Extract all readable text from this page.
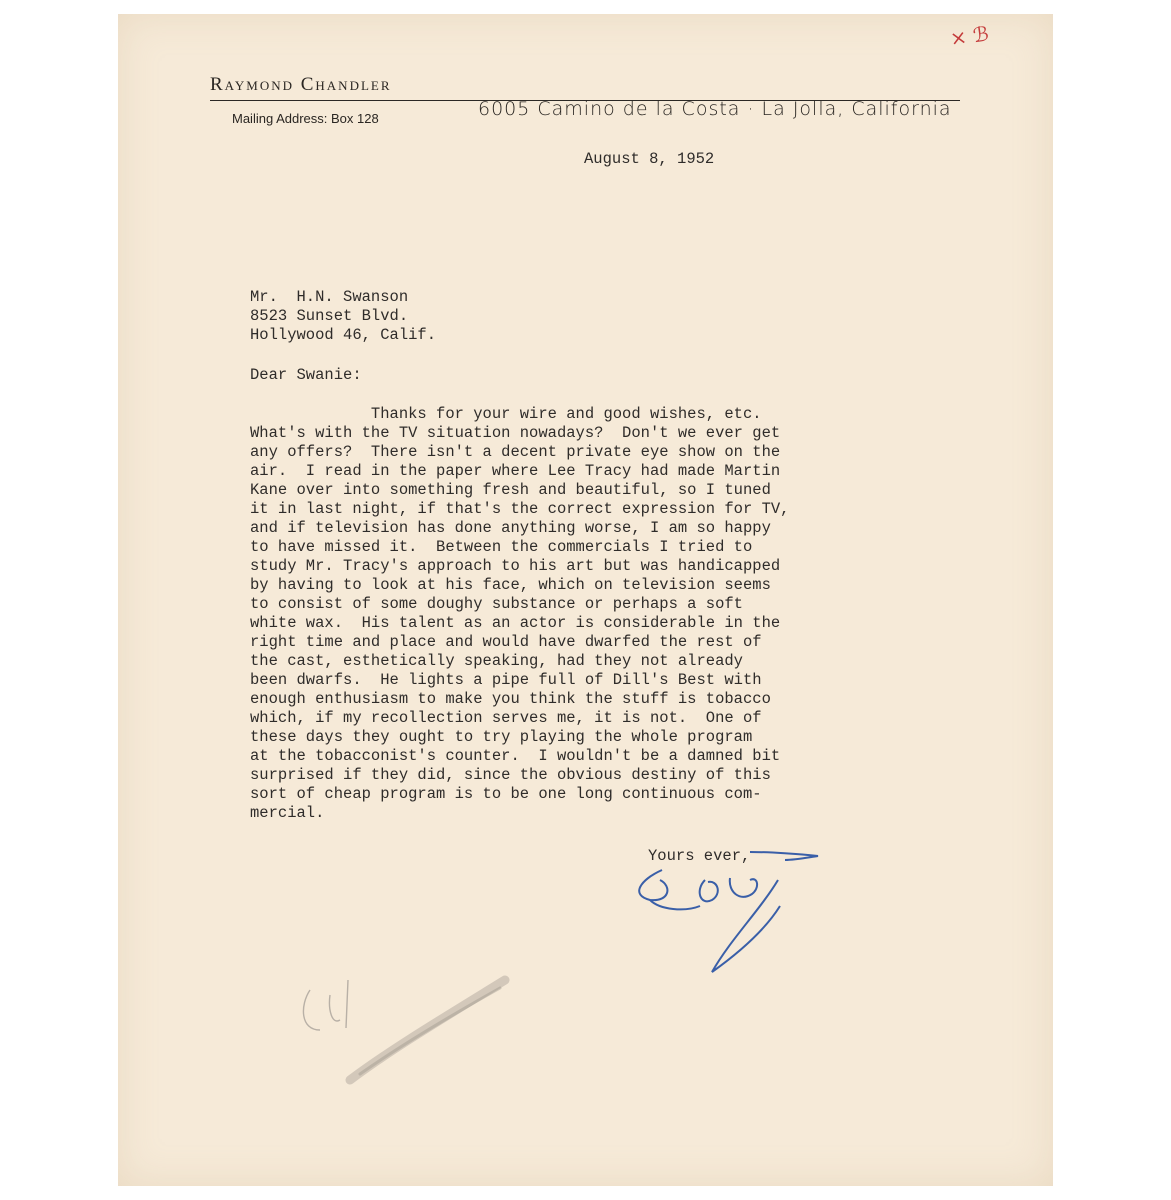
Raymond Chandler
Mailing Address: Box 128	6005 Camino de la Costa · La Jolla, California
× ℬ
August 8, 1952
Mr.  H.N. Swanson
8523 Sunset Blvd.
Hollywood 46, Calif.
Dear Swanie:
Thanks for your wire and good wishes, etc.
What's with the TV situation nowadays?  Don't we ever get
any offers?  There isn't a decent private eye show on the
air.  I read in the paper where Lee Tracy had made Martin
Kane over into something fresh and beautiful, so I tuned
it in last night, if that's the correct expression for TV,
and if television has done anything worse, I am so happy
to have missed it.  Between the commercials I tried to
study Mr. Tracy's approach to his art but was handicapped
by having to look at his face, which on television seems
to consist of some doughy substance or perhaps a soft
white wax.  His talent as an actor is considerable in the
right time and place and would have dwarfed the rest of
the cast, esthetically speaking, had they not already
been dwarfs.  He lights a pipe full of Dill's Best with
enough enthusiasm to make you think the stuff is tobacco
which, if my recollection serves me, it is not.  One of
these days they ought to try playing the whole program
at the tobacconist's counter.  I wouldn't be a damned bit
surprised if they did, since the obvious destiny of this
sort of cheap program is to be one long continuous com-
mercial.
Yours ever,
